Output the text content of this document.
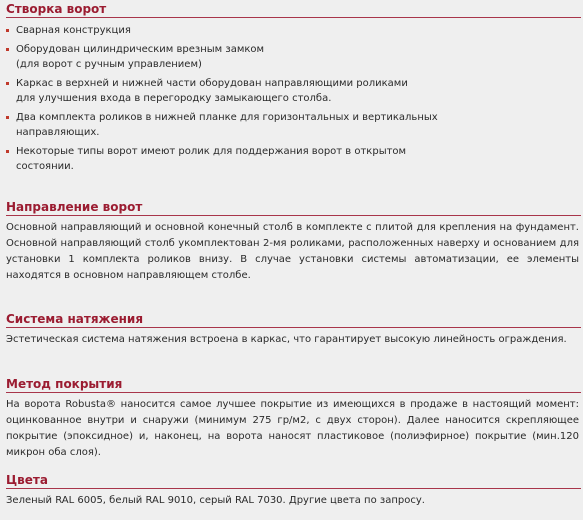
Створка ворот
Сварная конструкция
Оборудован цилиндрическим врезным замком
(для ворот с ручным управлением)
Каркас в верхней и нижней части оборудован направляющими роликами
для улучшения входа в перегородку замыкающего столба.
Два комплекта роликов в нижней планке для горизонтальных и вертикальных
направляющих.
Некоторые типы ворот имеют ролик для поддержания ворот в открытом
состоянии.
Направление ворот

Основной направляющий и основной конечный столб в комплекте с плитой для крепления на фундамент. Основной направляющий столб укомплектован 2-мя роликами, расположенных наверху и основанием для установки 1 комплекта роликов внизу. В случае установки системы автоматизации, ее элементы находятся в основном направляющем столбе.

Система натяжения

Эстетическая система натяжения встроена в каркас, что гарантирует высокую линейность ограждения.

Метод покрытия

На ворота Robusta® наносится самое лучшее покрытие из имеющихся в продаже в настоящий момент: оцинкованное внутри и снаружи (минимум 275 гр/м2, с двух сторон). Далее наносится скрепляющее покрытие (эпоксидное) и, наконец, на ворота наносят пластиковое (полиэфирное) покрытие (мин.120 микрон оба слоя).

Цвета

Зеленый RAL 6005, белый RAL 9010, серый RAL 7030. Другие цвета по запросу.
